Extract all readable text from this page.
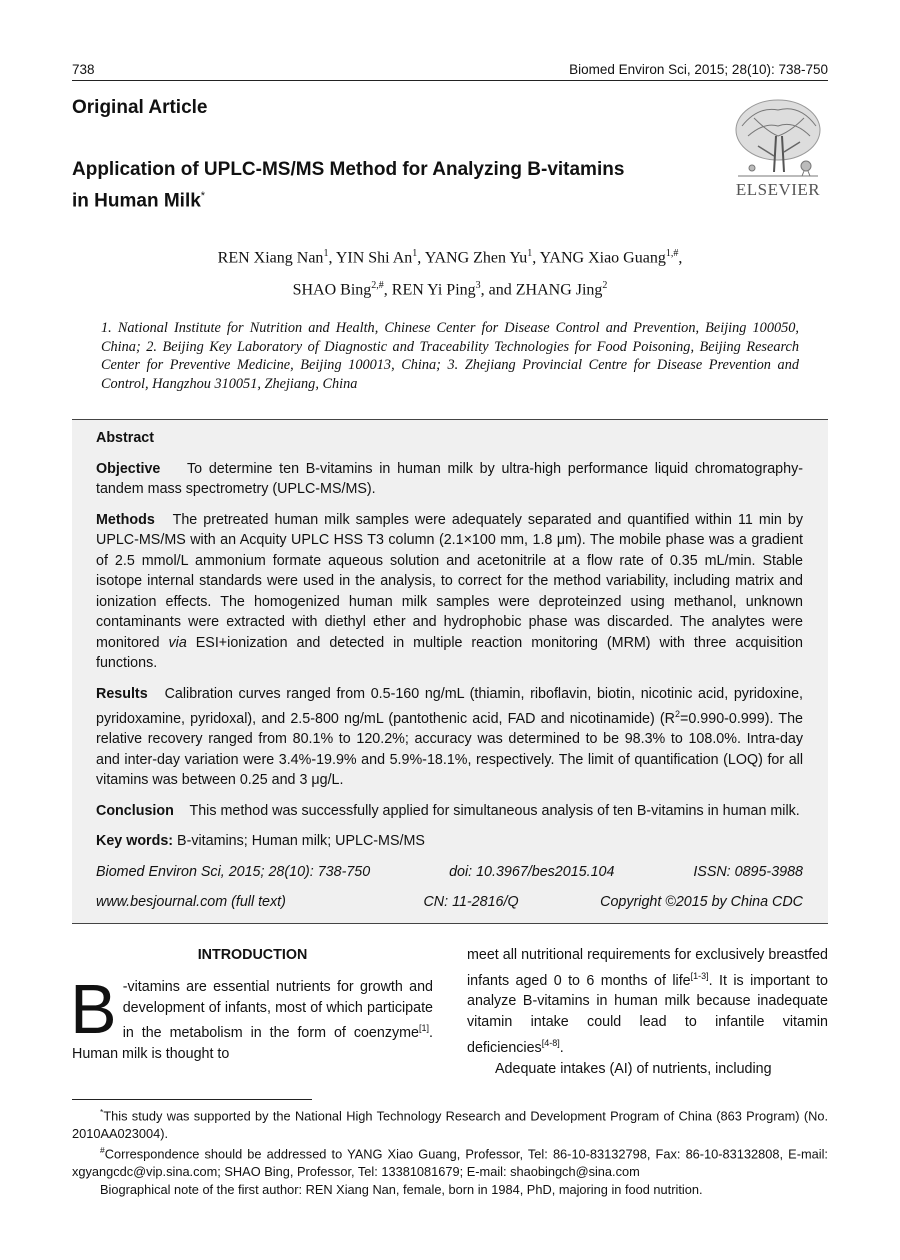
738	Biomed Environ Sci, 2015; 28(10): 738-750
Original Article
Application of UPLC-MS/MS Method for Analyzing B-vitamins in Human Milk*	ELSEVIER
REN Xiang Nan$^1$, YIN Shi An$^1$, YANG Zhen Yu$^1$, YANG Xiao Guang$^{1,\#}$,
SHAO Bing$^{2,\#}$, REN Yi Ping$^3$, and ZHANG Jing$^2$
1. National Institute for Nutrition and Health, Chinese Center for Disease Control and Prevention, Beijing 100050, China; 2. Beijing Key Laboratory of Diagnostic and Traceability Technologies for Food Poisoning, Beijing Research Center for Preventive Medicine, Beijing 100013, China; 3. Zhejiang Provincial Centre for Disease Prevention and Control, Hangzhou 310051, Zhejiang, China

Abstract

Objective To determine ten B-vitamins in human milk by ultra-high performance liquid chromatography-tandem mass spectrometry (UPLC-MS/MS).

Methods The pretreated human milk samples were adequately separated and quantified within 11 min by UPLC-MS/MS with an Acquity UPLC HSS T3 column (2.1×100 mm, 1.8 μm). The mobile phase was a gradient of 2.5 mmol/L ammonium formate aqueous solution and acetonitrile at a flow rate of 0.35 mL/min. Stable isotope internal standards were used in the analysis, to correct for the method variability, including matrix and ionization effects. The homogenized human milk samples were deproteinzed using methanol, unknown contaminants were extracted with diethyl ether and hydrophobic phase was discarded. The analytes were monitored via ESI+ionization and detected in multiple reaction monitoring (MRM) with three acquisition functions.

Results Calibration curves ranged from 0.5-160 ng/mL (thiamin, riboflavin, biotin, nicotinic acid, pyridoxine, pyridoxamine, pyridoxal), and 2.5-800 ng/mL (pantothenic acid, FAD and nicotinamide) $(R^2=0.990-0.999)$. The relative recovery ranged from 80.1% to 120.2%; accuracy was determined to be 98.3% to 108.0%. Intra-day and inter-day variation were 3.4%-19.9% and 5.9%-18.1%, respectively. The limit of quantification (LOQ) for all vitamins was between 0.25 and 3 μg/L.

Conclusion This method was successfully applied for simultaneous analysis of ten B-vitamins in human milk.

Key words: B-vitamins; Human milk; UPLC-MS/MS

Biomed Environ Sci, 2015; 28(10): 738-750	doi: 10.3967/bes2015.104	ISSN: 0895-3988
www.besjournal.com (full text)	CN: 11-2816/Q	Copyright ©2015 by China CDC
INTRODUCTION

B -vitamins are essential nutrients for growth and development of infants, most of which participate in the metabolism in the form of coenzyme[1]. Human milk is thought to

meet all nutritional requirements for exclusively breastfed infants aged 0 to 6 months of life[1-3]. It is important to analyze B-vitamins in human milk because inadequate vitamin intake could lead to infantile vitamin deficiencies[4-8].

Adequate intakes (AI) of nutrients, including

*This study was supported by the National High Technology Research and Development Program of China (863 Program) (No. 2010AA023004).

#Correspondence should be addressed to YANG Xiao Guang, Professor, Tel: 86-10-83132798, Fax: 86-10-83132808, E-mail: xgyangcdc@vip.sina.com; SHAO Bing, Professor, Tel: 13381081679; E-mail: shaobingch@sina.com

Biographical note of the first author: REN Xiang Nan, female, born in 1984, PhD, majoring in food nutrition.
